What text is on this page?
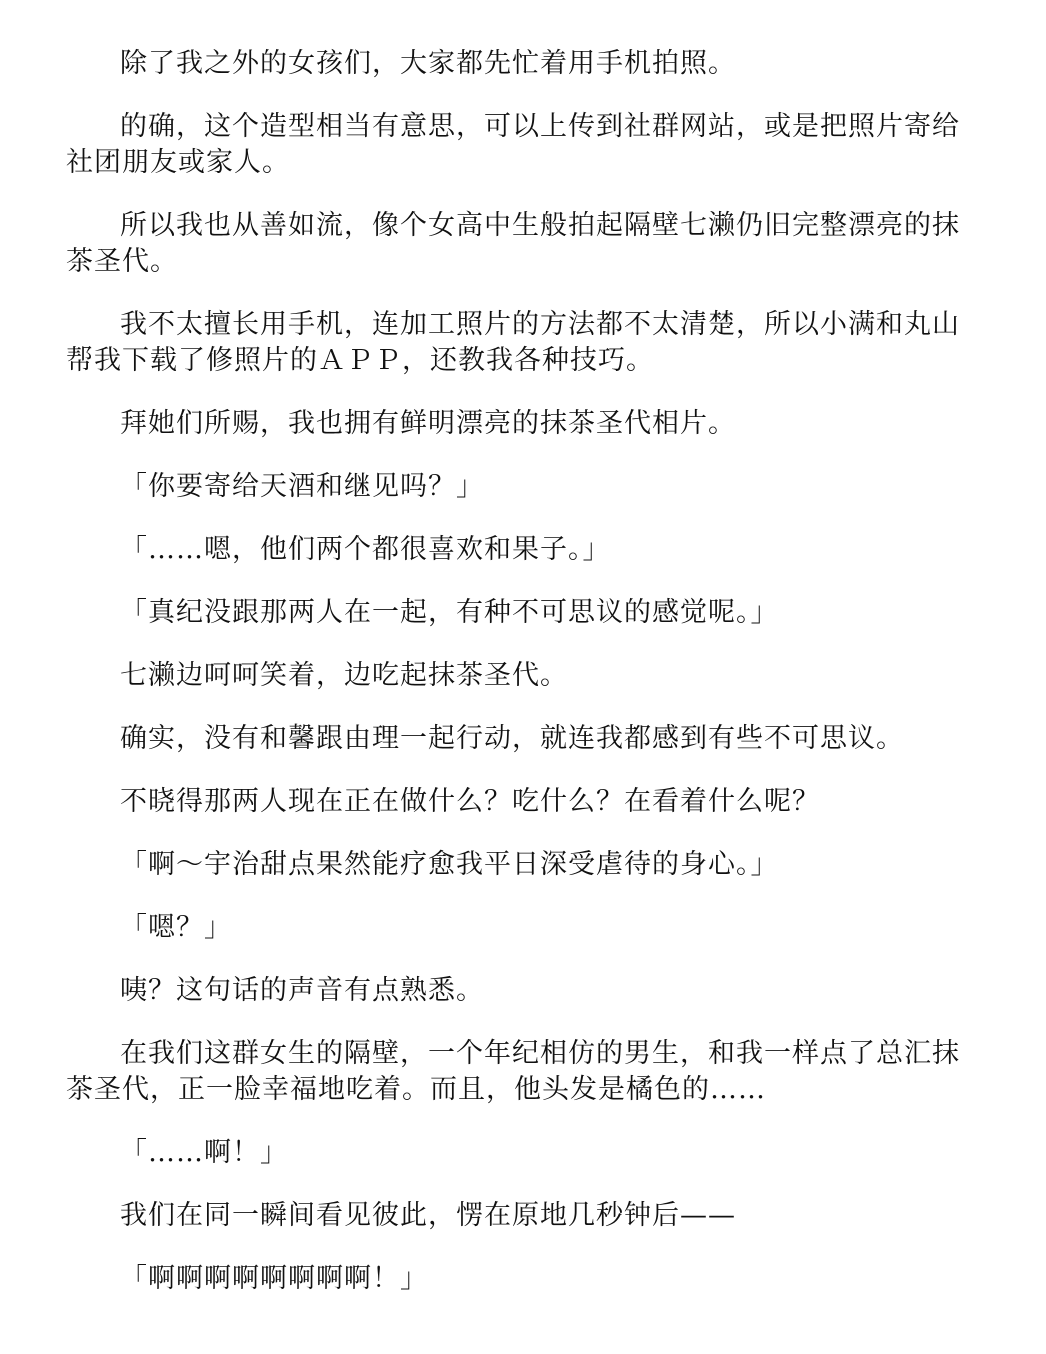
除了我之外的女孩们，大家都先忙着用手机拍照。

的确，这个造型相当有意思，可以上传到社群网站，或是把照片寄给社团朋友或家人。

所以我也从善如流，像个女高中生般拍起隔壁七濑仍旧完整漂亮的抹茶圣代。

我不太擅长用手机，连加工照片的方法都不太清楚，所以小满和丸山帮我下载了修照片的ＡＰＰ，还教我各种技巧。

拜她们所赐，我也拥有鲜明漂亮的抹茶圣代相片。

「你要寄给天酒和继见吗？」

「……嗯，他们两个都很喜欢和果子。」

「真纪没跟那两人在一起，有种不可思议的感觉呢。」

七濑边呵呵笑着，边吃起抹茶圣代。

确实，没有和馨跟由理一起行动，就连我都感到有些不可思议。

不晓得那两人现在正在做什么？吃什么？在看着什么呢？

「啊～宇治甜点果然能疗愈我平日深受虐待的身心。」

「嗯？」

咦？这句话的声音有点熟悉。

在我们这群女生的隔壁，一个年纪相仿的男生，和我一样点了总汇抹茶圣代，正一脸幸福地吃着。而且，他头发是橘色的……

「……啊！」

我们在同一瞬间看见彼此，愣在原地几秒钟后——

「啊啊啊啊啊啊啊啊！」
